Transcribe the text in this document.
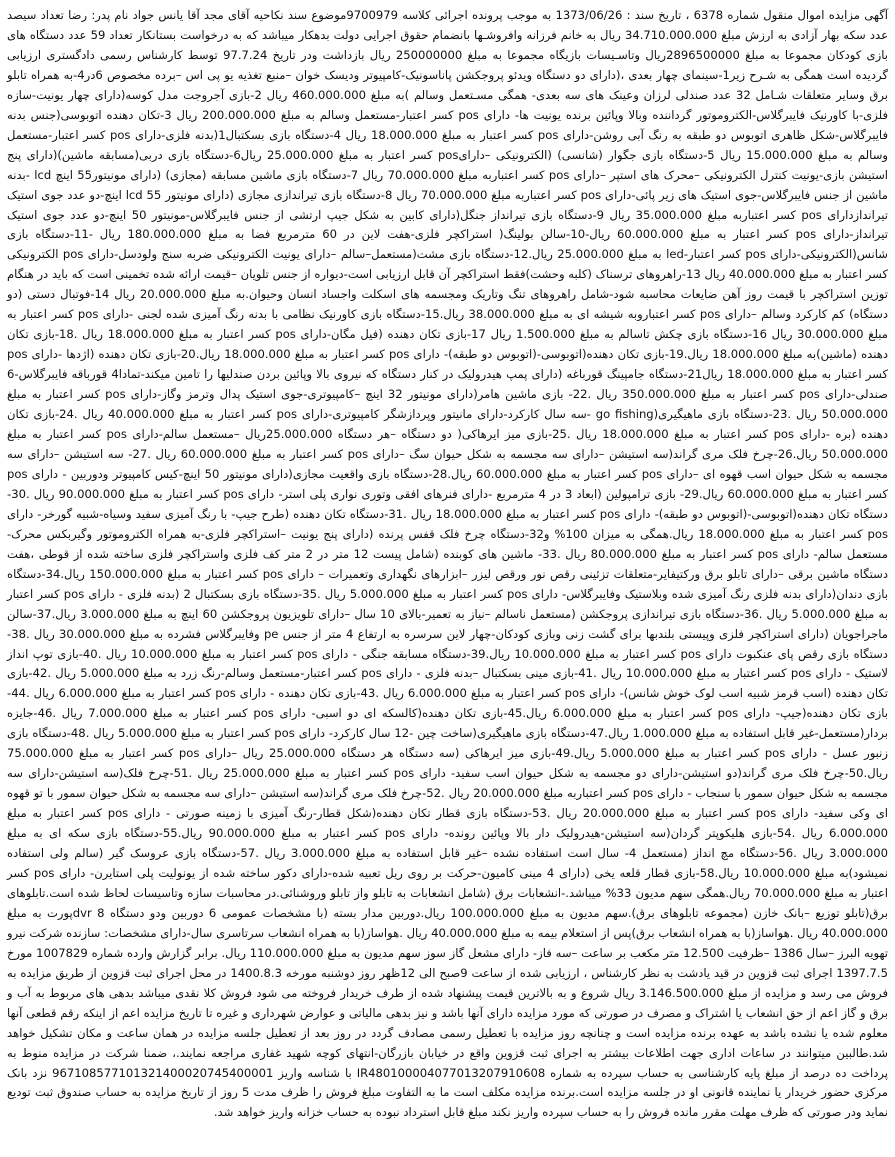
آگهی مزایده اموال منقول شماره 6378 ، تاریخ سند : 1373/06/26 به موجب پرونده اجرائی کلاسه 9700979موضوع سند نکاحیه آقای مجد آقا یانس جواد نام پدر: رضا تعداد سیصد عدد سکه بهار آزادی به ارزش مبلغ 34.710.000.000 ریال به خانم فرزانه وافروشـها بانضمام حقوق اجرایی دولت بدهکار میباشد که به درخواست بستانکار تعداد 59 عدد دستگاه های بازی کودکان مجموعا به مبلغ 2896500000ریال وتاسـیسات بازیگاه مجموعا به مبلغ 250000000 ریال بازداشت ودر تاریخ 97.7.24 توسط کارشناس رسمی دادگستری ارزیابی گردیده است همگی به شـرح زیر1-سینمای چهار بعدی ،(دارای دو دستگاه ویدئو پروجکشن پاناسونیک-کامپیوتر ودیسک خوان –منبع تغذیه یو پی اس –برده مخصوص 6در4-به همراه تابلو برق وسایر متعلقات شـامل 32 عدد صندلی لرزان وعینک های سه بعدی- همگی مسـتعمل وسالم )به مبلغ 460.000.000 ریال 2-بازی آجروجت مدل کوسه(دارای چهار یونیت-سازه فلزی-با کاورنیک فایبرگلاس-الکتروموتور گرداننده وبالا وپائین برنده یونیت ها- دارای pos کسر اعتبار-مستعمل وسالم به مبلغ 200.000.000 ریال 3-تکان دهنده اتوبوسی(جنس بدنه فایبرگلاس-شکل ظاهری اتوبوس دو طبقه به رنگ آبی روشن-دارای pos کسر اعتبار به مبلغ 18.000.000 ریال 4-دستگاه بازی بسکتبال1(بدنه فلزی-دارای pos کسر اعتبار-مستعمل وسالم به مبلغ 15.000.000 ریال 5-دستگاه بازی جگوار (شانسی) (الکترونیکی –دارایpos کسر اعتبار به مبلغ 25.000.000 ریال6-دستگاه بازی دربی(مسابقه ماشین)(دارای پنج استیشن بازی-یونیت کنترل الکترونیکی –محرک های استپر –دارای pos کسر اعتباربه مبلغ 70.000.000 ریال 7-دستگاه بازی ماشین مسابقه (مجازی) (دارای مونیتور55 اینچ lcd -بدنه ماشین از جنس فایبرگلاس-جوی استیک های زیر پائی-دارای pos کسر اعتباربه مبلغ 70.000.000 ریال 8-دستگاه بازی تیراندازی مجازی (دارای مونیتور lcd 55 اینچ-دو عدد جوی استیک تیراندازدارای pos کسر اعتباربه مبلغ 35.000.000 ریال 9-دستگاه بازی تیرانداز جنگل(دارای کابین به شکل جیپ ارتشی از جنس فایبرگلاس-مونیتور 50 اینچ-دو عدد جوی استیک تیرانداز-دارای pos کسر اعتبار به مبلغ 60.000.000 ریال-10-سالن بولینگ( استراکچر فلزی-هفت لاین در 60 مترمربع فضا به مبلغ 180.000.000 ریال -11-دستگاه بازی شانس(الکترونیکی-دارای pos کسر اعتبار-led به مبلغ 25.000.000 ریال.12-دستگاه بازی مشت(مستعمل–سالم –دارای یونیت الکترونیکی ضربه سنج ولودسل-دارای pos الکترونیکی کسر اعتبار به مبلغ 40.000.000 ریال 13-راهروهای ترسناک (کلبه وحشت)فقط استراکچر آن قابل ارزیابی است-دیواره از جنس تلویان –قیمت ارائه شده تخمینی است که باید در هنگام توزین استراکچر با قیمت روز آهن ضایعات محاسبه شود-شامل راهروهای تنگ وتاریک ومجسمه های اسکلت واجساد انسان وحیوان.به مبلغ 20.000.000 ریال 14-فوتبال دستی (دو دستگاه) کم کارکرد وسالم –دارای pos کسر اعتباروبه شیشه ای به مبلغ 38.000.000 ریال.15-دستگاه بازی کاورنیک نظامی با بدنه رنگ آمیزی شده لجنی -دارای pos کسر اعتبار به مبلغ 30.000.000 ریال 16-دستگاه بازی چکش تاسالم به مبلغ 1.500.000 ریال 17-بازی تکان دهنده (فیل مگان-دارای pos کسر اعتبار به مبلغ 18.000.000 ریال .18-بازی تکان دهنده (ماشین)به مبلغ 18.000.000 ریال.19-بازی تکان دهنده(اتوبوسی-(اتوبوس دو طبقه)- دارای pos کسر اعتبار به مبلغ 18.000.000 ریال.20-بازی تکان دهنده (اژدها -دارای pos کسر اعتبار به مبلغ 18.000.000 ریال21-دستگاه جامپینگ قورباغه (دارای پمپ هیدرولیک در کنار دستگاه که نیروی بالا وپائین بردن صندلیها را تامین میکند-تمادا4 قورباقه فایبرگلاس-6 صندلی-دارای pos کسر اعتبار به مبلغ 350.000.000 ریال .22- بازی ماشین هامر(دارای مونیتور 32 اینچ –کامپیوتری-جوی استیک پدال وترمز وگاز-دارای pos کسر اعتبار به مبلغ 50.000.000 ریال .23-دستگاه بازی ماهیگیری(go fishing -سه سال کارکرد-دارای مانیتور وپردازشگر کامپیوتری-دارای pos کسر اعتبار به مبلغ 40.000.000 ریال .24-بازی تکان دهنده (بره -دارای pos کسر اعتبار به مبلغ 18.000.000 ریال .25-بازی میز ایرهاکی( دو دستگاه –هر دستگاه 25.000.000ریال –مستعمل سالم-دارای pos کسر اعتبار به مبلغ 50.000.000 ریال.26-چرخ فلک مری گراند(سه استیشن –دارای سه مجسمه به شکل حیوان سگ –دارای pos کسر اعتبار به مبلغ 60.000.000 ریال .27- سه استیشن –دارای سه مجسمه به شکل حیوان اسب قهوه ای –دارای pos کسر اعتبار به مبلغ 60.000.000 ریال.28-دستگاه بازی واقعیت مجازی(دارای مونیتور 50 اینچ-کیس کامپیوتر ودوربین - دارای pos کسر اعتبار به مبلغ 60.000.000 ریال.29- بازی ترامپولین (ابعاد 3 در 4 مترمربع -دارای فنرهای افقی وتوری نواری پلی استر- دارای pos کسر اعتبار به مبلغ 90.000.000 ریال .30-دستگاه تکان دهنده(اتوبوسی-(اتوبوس دو طبقه)- دارای pos کسر اعتبار به مبلغ 18.000.000 ریال .31-دستگاه تکان دهنده (طرح جیپ- با رنگ آمیزی سفید وسیاه-شبیه گورخر- دارای pos کسر اعتبار به مبلغ 18.000.000 ریال.همگی به میزان 100% و32-دستگاه چرخ فلک قفس پرنده (دارای پنج یونیت –استراکچر فلزی-به همراه الکتروموتور وگیربکس محرک-مستعمل سالم- دارای pos کسر اعتبار به مبلغ 80.000.000 ریال .33- ماشین های کوبنده (شامل پیست 12 متر در 2 متر کف فلزی واستراکچر فلزی ساخته شده از قوطی ،هفت دستگاه ماشین برقی –دارای تابلو برق ورکتیفایر-متعلقات تزئینی رقص نور ورقص لیزر –ابزارهای نگهداری وتعمیرات – دارای pos کسر اعتبار به مبلغ 150.000.000 ریال.34-دستگاه بازی دندان(دارای بدنه فلزی رنگ آمیزی شده وبلاستیک وفایبرگلاس- دارای pos کسر اعتبار به مبلغ 5.000.000 ریال .35-دستگاه بازی بسکتبال 2 (بدنه فلزی - دارای pos کسر اعتبار به مبلغ 5.000.000 ریال .36-دستگاه بازی تیراندازی پروجکشن (مستعمل ناسالم –نیاز به تعمیر-بالای 10 سال –دارای تلویزیون پروجکشن 60 اینچ به مبلغ 3.000.000 ریال.37-سالن ماجراجویان (دارای استراکچر فلزی وپیستی بلندبها برای گشت زنی وبازی کودکان-چهار لاین سرسره به ارتفاع 4 متر از جنس pe وفایبرگلاس فشرده به مبلغ 30.000.000 ریال .38- دستگاه بازی رقص پای عنکبوت دارای pos کسر اعتبار به مبلغ 10.000.000 ریال.39-دستگاه مسابقه جنگی - دارای pos کسر اعتبار به مبلغ 10.000.000 ریال .40-بازی توپ انداز لاستیک - دارای pos کسر اعتبار به مبلغ 10.000.000 ریال .41-بازی مینی بسکتبال –بدنه فلزی - دارای pos کسر اعتبار-مستعمل وسالم-رنگ زرد به مبلغ 5.000.000 ریال .42-بازی تکان دهنده (اسب قرمز شبیه اسب لوک خوش شانس)- دارای pos کسر اعتبار به مبلغ 6.000.000 ریال .43-بازی تکان دهنده - دارای pos کسر اعتبار به مبلغ 6.000.000 ریال .44-بازی تکان دهنده(جیپ- دارای pos کسر اعتبار به مبلغ 6.000.000 ریال.45-بازی تکان دهنده(کالسکه ای دو اسبی- دارای pos کسر اعتبار به مبلغ 7.000.000 ریال .46-جایزه بردار(مستعمل-غیر قابل استفاده به مبلغ 1.000.000 ریال.47-دستگاه بازی ماهیگیری(ساخت چین -12 سال کارکرد- دارای pos کسر اعتبار به مبلغ 5.000.000 ریال .48-دستگاه بازی زنبور عسل - دارای pos کسر اعتبار به مبلغ 5.000.000 ریال.49-بازی میز ایرهاکی (سه دستگاه هر دستگاه 25.000.000 ریال –دارای pos کسر اعتبار به مبلغ 75.000.000 ریال.50-چرخ فلک مری گراند(دو استیشن-دارای دو مجسمه به شکل حیوان اسب سفید- دارای pos کسر اعتبار به مبلغ 25.000.000 ریال .51-چرخ فلک(سه استیشن-دارای سه مجسمه به شکل حیوان سمور با سنجاب - دارای pos کسر اعتباربه مبلغ 20.000.000 ریال .52-چرخ فلک مری گراند(سه استیشن –دارای سه مجسمه به شکل حیوان سمور با تو قهوه ای وکی سفید- دارای pos کسر اعتبار به مبلغ 20.000.000 ریال .53-دستگاه بازی قطار تکان دهنده(شکل قطار-رنگ آمیزی با زمینه صورتی - دارای pos کسر اعتبار به مبلغ 6.000.000 ریال .54-بازی هلیکوپتر گردان(سه استیشن-هیدرولیک دار بالا وپائین رونده- دارای pos کسر اعتبار به مبلغ 90.000.000 ریال.55-دستگاه بازی سکه ای به مبلغ 3.000.000 ریال .56-دستگاه مچ انداز (مستعمل 4- سال است استفاده نشده –غیر قابل استفاده به مبلغ 3.000.000 ریال .57-دستگاه بازی عروسک گیر (سالم ولی استفاده نمیشود)به مبلغ 10.000.000 ریال.58-بازی قطار قلعه یخی (دارای 4 مینی کامیون-حرکت بر روی ریل تعبیه شده-دارای دکور ساخته شده از یونولیت پلی استایرن- دارای pos کسر اعتبار به مبلغ 70.000.000 ریال.همگی سهم مدیون 33% میباشد.-انشعابات برق (شامل انشعابات به تابلو واز تابلو وروشنائی.در محاسبات سازه وتاسیسات لحاظ شده است.تابلوهای برق(تابلو توزیع –بانک خازن (مجموعه تابلوهای برق).سهم مدیون به مبلغ 100.000.000 ریال.دوربین مدار بسته (با مشخصات عمومی 6 دوربین ودو دستگاه dvr 8پورت به مبلغ 40.000.000 ریال .هواساز(با به همراه انشعاب برق)پس از استعلام بیمه به مبلغ 40.000.000 ریال .هواساز(با به همراه انشعاب سرتاسری سال-دارای مشخصات: سازنده شرکت نیرو تهویه البرز –سال 1386 –ظرفیت 12.500 متر مکعب بر ساعت –سه فاز- دارای مشعل گاز سوز سهم مدیون به مبلغ 110.000.000 ریال. برابر گزارش وارده شماره 1007829 مورخ 1397.7.5 اجرای ثبت قزوین در قید یادشت به نظر کارشناس ، ارزیابی شده از ساعت 9صبح الی 12ظهر روز دوشنبه مورخه 1400.8.3 در محل اجرای ثبت قزوین از طریق مزایده به فروش می رسد و مزایده از مبلغ 3.146.500.000 ریال شروع و به بالاترین قیمت پیشنهاد شده از طرف خریدار فروخته می شود فروش کلا نقدی میباشد بدهی های مربوط به آب و برق و گاز اعم از حق انشعاب یا اشتراک و مصرف در صورتی که مورد مزایده دارای آنها باشد و نیز بدهی مالیاتی و عوارض شهرداری و غیره تا تاریخ مزایده اعم از اینکه رقم قطعی آنها معلوم شده یا نشده باشد به عهده برنده مزایده است و چنانچه روز مزایده با تعطیل رسمی مصادف گردد در روز بعد از تعطیل جلسه مزایده در همان ساعت و مکان تشکیل خواهد شد.طالبین میتوانند در ساعات اداری جهت اطلاعات بیشتر به اجرای ثبت قزوین واقع در خیابان بازرگان-انتهای کوچه شهید غفاری مراجعه نمایند.، ضمنا شرکت در مزایده منوط به پرداخت ده درصد از مبلغ پایه کارشناسی به حساب سپرده به شماره IR480100004077013207910608 با شناسه واریز 967108577101321400020745400001 نزد بانک مرکزی حضور خریدار یا نماینده قانونی او در جلسه مزایده است.برنده مزایده مکلف است ما به التفاوت مبلغ فروش را ظرف مدت 5 روز از تاریخ مزایده به حساب صندوق ثبت تودیع نماید ودر صورتی که ظرف مهلت مقرر مانده فروش را به حساب سپرده واریز نکند مبلغ قابل استرداد نبوده به حساب خزانه واریز خواهد شد.
